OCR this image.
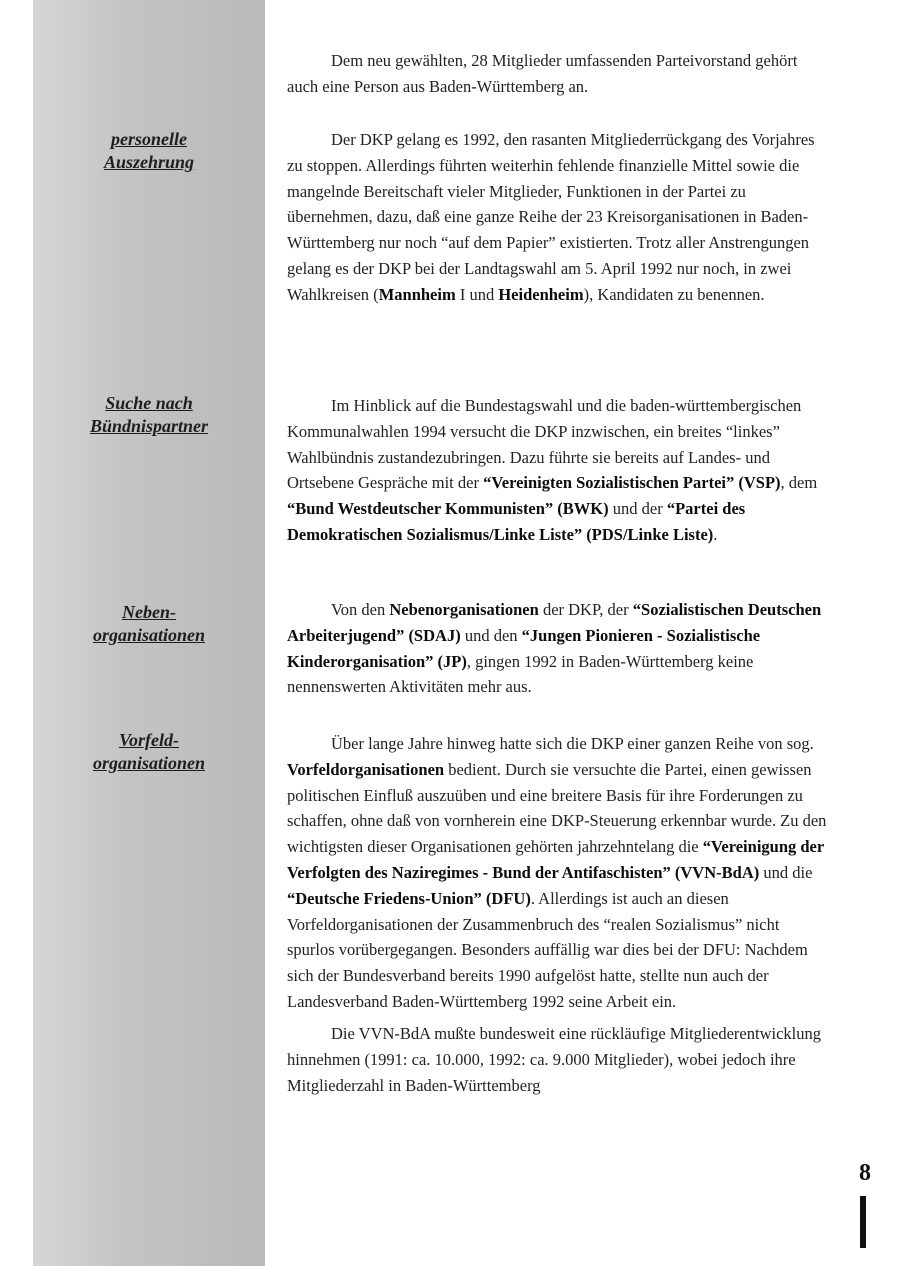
personelle
Auszehrung
Suche nach
Bündnispartner
Neben-
organisationen
Vorfeld-
organisationen

Dem neu gewählten, 28 Mitglieder umfassenden Parteivorstand gehört auch eine Person aus Baden-Württemberg an.

Der DKP gelang es 1992, den rasanten Mitgliederrückgang des Vorjahres zu stoppen. Allerdings führten weiterhin fehlende finanzielle Mittel sowie die mangelnde Bereitschaft vieler Mitglieder, Funktionen in der Partei zu übernehmen, dazu, daß eine ganze Reihe der 23 Kreisorganisationen in Baden-Württemberg nur noch “auf dem Papier” existierten. Trotz aller Anstrengungen gelang es der DKP bei der Landtagswahl am 5. April 1992 nur noch, in zwei Wahlkreisen (Mannheim I und Heidenheim), Kandidaten zu benennen.

Im Hinblick auf die Bundestagswahl und die baden-württembergischen Kommunalwahlen 1994 versucht die DKP inzwischen, ein breites “linkes” Wahlbündnis zustandezubringen. Dazu führte sie bereits auf Landes- und Ortsebene Gespräche mit der “Vereinigten Sozialistischen Partei” (VSP), dem “Bund Westdeutscher Kommunisten” (BWK) und der “Partei des Demokratischen Sozialismus/Linke Liste” (PDS/Linke Liste).

Von den Nebenorganisationen der DKP, der “Sozialistischen Deutschen Arbeiterjugend” (SDAJ) und den “Jungen Pionieren - Sozialistische Kinderorganisation” (JP), gingen 1992 in Baden-Württemberg keine nennenswerten Aktivitäten mehr aus.

Über lange Jahre hinweg hatte sich die DKP einer ganzen Reihe von sog. Vorfeldorganisationen bedient. Durch sie versuchte die Partei, einen gewissen politischen Einfluß auszuüben und eine breitere Basis für ihre Forderungen zu schaffen, ohne daß von vornherein eine DKP-Steuerung erkennbar wurde. Zu den wichtigsten dieser Organisationen gehörten jahrzehntelang die “Vereinigung der Verfolgten des Naziregimes - Bund der Antifaschisten” (VVN-BdA) und die “Deutsche Friedens-Union” (DFU). Allerdings ist auch an diesen Vorfeldorganisationen der Zusammenbruch des “realen Sozialismus” nicht spurlos vorübergegangen. Besonders auffällig war dies bei der DFU: Nachdem sich der Bundesverband bereits 1990 aufgelöst hatte, stellte nun auch der Landesverband Baden-Württemberg 1992 seine Arbeit ein.

Die VVN-BdA mußte bundesweit eine rückläufige Mitgliederentwicklung hinnehmen (1991: ca. 10.000, 1992: ca. 9.000 Mitglieder), wobei jedoch ihre Mitgliederzahl in Baden-Württemberg

8
